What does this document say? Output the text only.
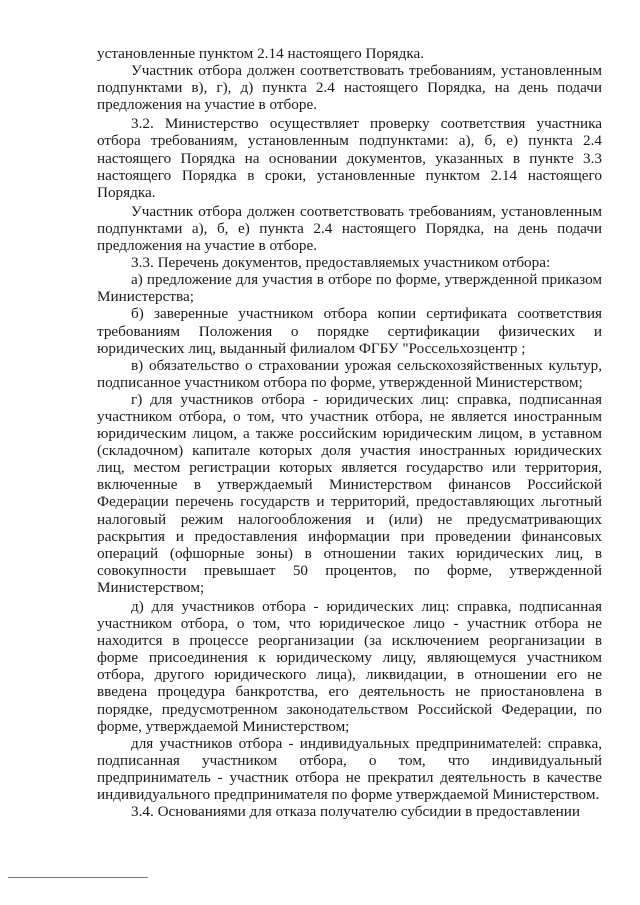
установленные пунктом 2.14 настоящего Порядка.

Участник отбора должен соответствовать требованиям, установленным подпунктами в), г), д) пункта 2.4 настоящего Порядка, на день подачи предложения на участие в отборе.

3.2. Министерство осуществляет проверку соответствия участника отбора требованиям, установленным подпунктами: а), б, е) пункта 2.4 настоящего Порядка на основании документов, указанных в пункте 3.3 настоящего Порядка в сроки, установленные пунктом 2.14 настоящего Порядка.

Участник отбора должен соответствовать требованиям, установленным подпунктами а), б, е) пункта 2.4 настоящего Порядка, на день подачи предложения на участие в отборе.

3.3. Перечень документов, предоставляемых участником отбора:

а) предложение для участия в отборе по форме, утвержденной приказом Министерства;

б) заверенные участником отбора копии сертификата соответствия требованиям Положения о порядке сертификации физических и юридических лиц, выданный филиалом ФГБУ "Россельхозцентр ;

в) обязательство о страховании урожая сельскохозяйственных культур, подписанное участником отбора по форме, утвержденной Министерством;

г) для участников отбора - юридических лиц: справка, подписанная участником отбора, о том, что участник отбора, не является иностранным юридическим лицом, а также российским юридическим лицом, в уставном (складочном) капитале которых доля участия иностранных юридических лиц, местом регистрации которых является государство или территория, включенные в утверждаемый Министерством финансов Российской Федерации перечень государств и территорий, предоставляющих льготный налоговый режим налогообложения и (или) не предусматривающих раскрытия и предоставления информации при проведении финансовых операций (офшорные зоны) в отношении таких юридических лиц, в совокупности превышает 50 процентов, по форме, утвержденной Министерством;

д) для участников отбора - юридических лиц: справка, подписанная участником отбора, о том, что юридическое лицо - участник отбора не находится в процессе реорганизации (за исключением реорганизации в форме присоединения к юридическому лицу, являющемуся участником отбора, другого юридического лица), ликвидации, в отношении его не введена процедура банкротства, его деятельность не приостановлена в порядке, предусмотренном законодательством Российской Федерации, по форме, утверждаемой Министерством;

для участников отбора - индивидуальных предпринимателей: справка, подписанная участником отбора, о том, что индивидуальный предприниматель - участник отбора не прекратил деятельность в качестве индивидуального предпринимателя по форме утверждаемой Министерством.

3.4. Основаниями для отказа получателю субсидии в предоставлении
